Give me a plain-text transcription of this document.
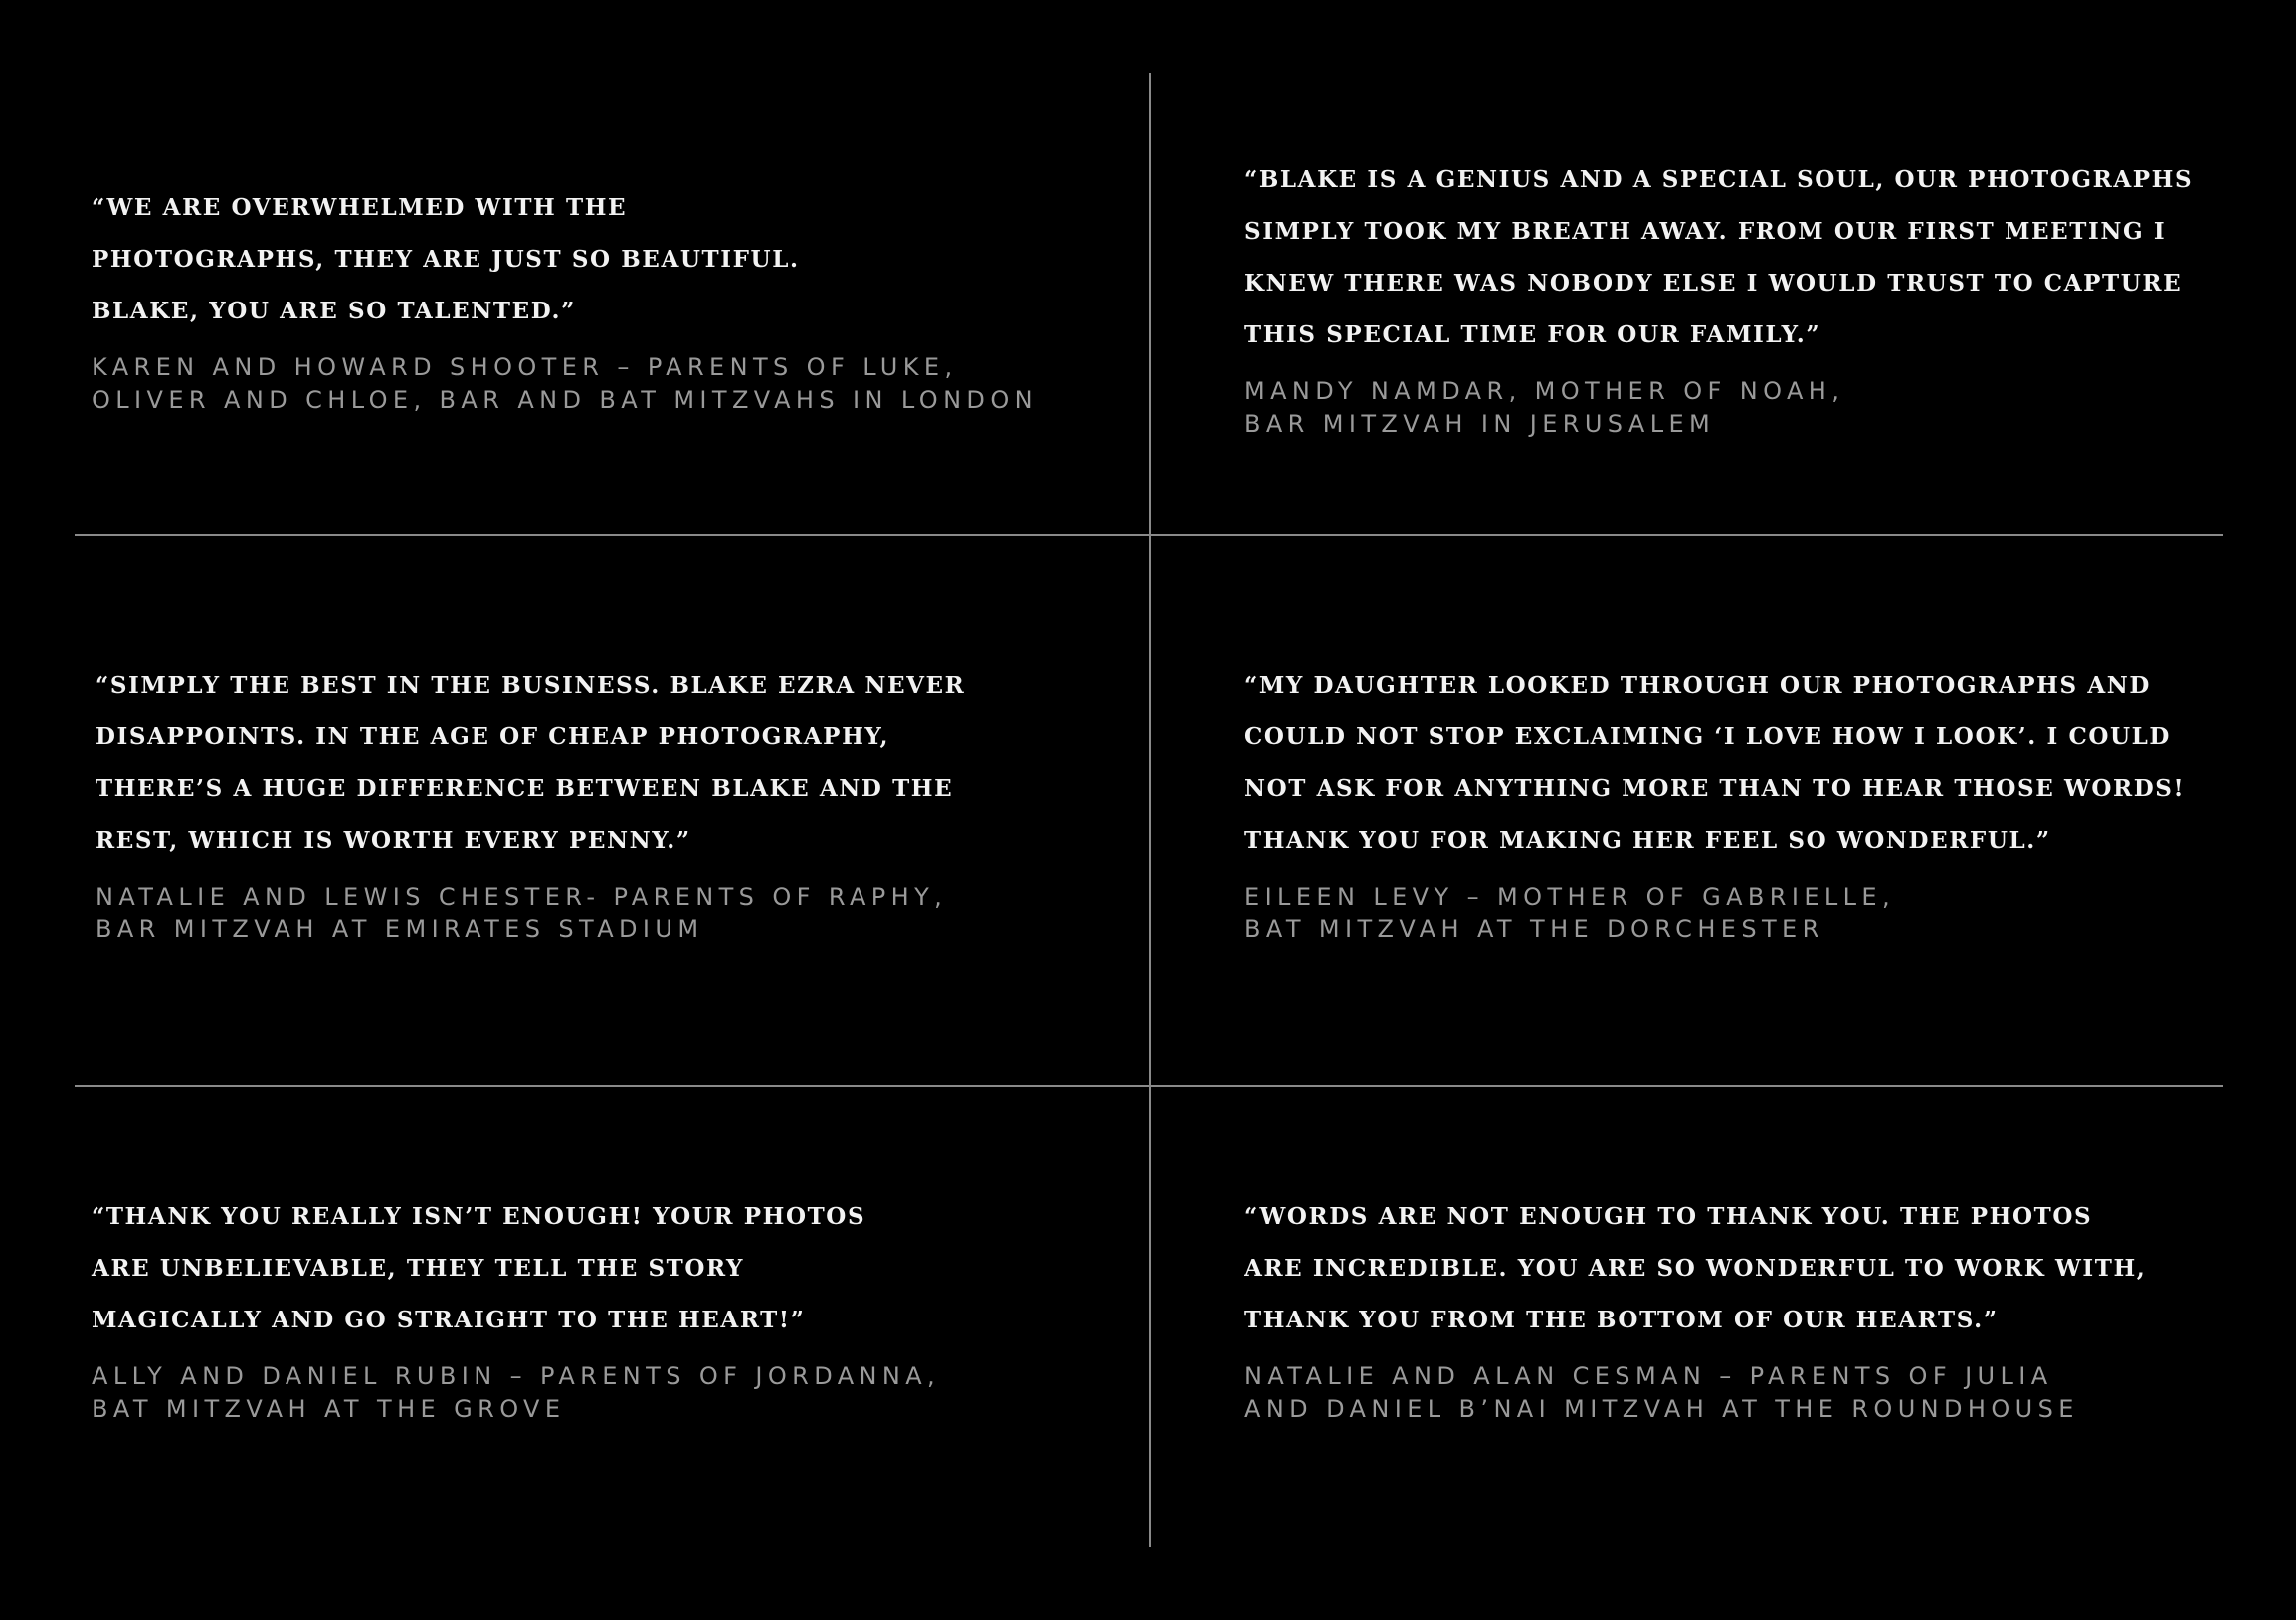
“WE ARE OVERWHELMED WITH THE
PHOTOGRAPHS, THEY ARE JUST SO BEAUTIFUL.
BLAKE, YOU ARE SO TALENTED.”

KAREN AND HOWARD SHOOTER – PARENTS OF LUKE,
OLIVER AND CHLOE, BAR AND BAT MITZVAHS IN LONDON

“BLAKE IS A GENIUS AND A SPECIAL SOUL, OUR PHOTOGRAPHS
SIMPLY TOOK MY BREATH AWAY. FROM OUR FIRST MEETING I
KNEW THERE WAS NOBODY ELSE I WOULD TRUST TO CAPTURE
THIS SPECIAL TIME FOR OUR FAMILY.”

MANDY NAMDAR, MOTHER OF NOAH,
BAR MITZVAH IN JERUSALEM

“SIMPLY THE BEST IN THE BUSINESS. BLAKE EZRA NEVER
DISAPPOINTS. IN THE AGE OF CHEAP PHOTOGRAPHY,
THERE’S A HUGE DIFFERENCE BETWEEN BLAKE AND THE
REST, WHICH IS WORTH EVERY PENNY.”

NATALIE AND LEWIS CHESTER- PARENTS OF RAPHY,
BAR MITZVAH AT EMIRATES STADIUM

“MY DAUGHTER LOOKED THROUGH OUR PHOTOGRAPHS AND
COULD NOT STOP EXCLAIMING ‘I LOVE HOW I LOOK’. I COULD
NOT ASK FOR ANYTHING MORE THAN TO HEAR THOSE WORDS!
THANK YOU FOR MAKING HER FEEL SO WONDERFUL.”

EILEEN LEVY – MOTHER OF GABRIELLE,
BAT MITZVAH AT THE DORCHESTER

“THANK YOU REALLY ISN’T ENOUGH! YOUR PHOTOS
ARE UNBELIEVABLE, THEY TELL THE STORY
MAGICALLY AND GO STRAIGHT TO THE HEART!”

ALLY AND DANIEL RUBIN – PARENTS OF JORDANNA,
BAT MITZVAH AT THE GROVE

“WORDS ARE NOT ENOUGH TO THANK YOU. THE PHOTOS
ARE INCREDIBLE. YOU ARE SO WONDERFUL TO WORK WITH,
THANK YOU FROM THE BOTTOM OF OUR HEARTS.”

NATALIE AND ALAN CESMAN – PARENTS OF JULIA
AND DANIEL B’NAI MITZVAH AT THE ROUNDHOUSE
